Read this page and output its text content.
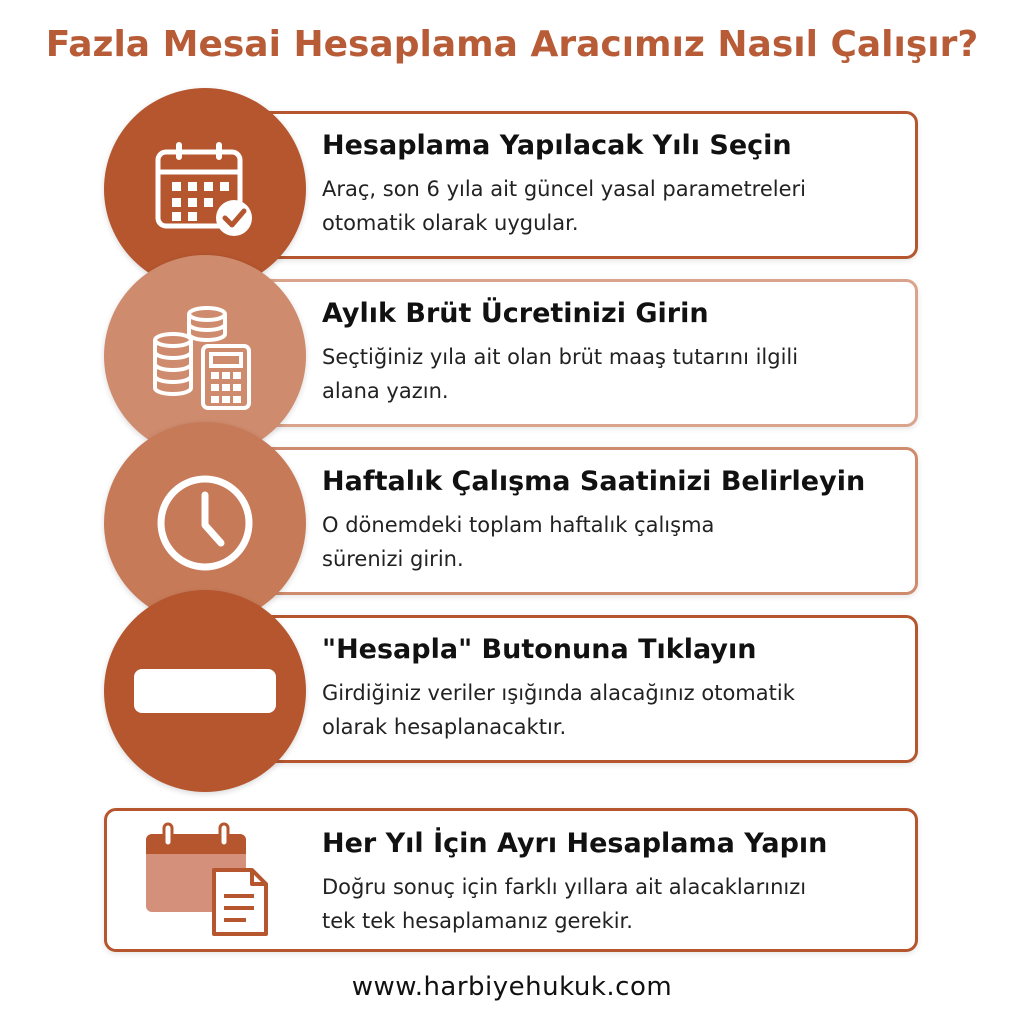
Fazla Mesai Hesaplama Aracımız Nasıl Çalışır?
Hesaplama Yapılacak Yılı Seçin
Araç, son 6 yıla ait güncel yasal parametreleri
otomatik olarak uygular.
Aylık Brüt Ücretinizi Girin
Seçtiğiniz yıla ait olan brüt maaş tutarını ilgili
alana yazın.
Haftalık Çalışma Saatinizi Belirleyin
O dönemdeki toplam haftalık çalışma
sürenizi girin.
"Hesapla" Butonuna Tıklayın
Girdiğiniz veriler ışığında alacağınız otomatik
olarak hesaplanacaktır.
Her Yıl İçin Ayrı Hesaplama Yapın
Doğru sonuç için farklı yıllara ait alacaklarınızı
tek tek hesaplamanız gerekir.
www.harbiyehukuk.com
